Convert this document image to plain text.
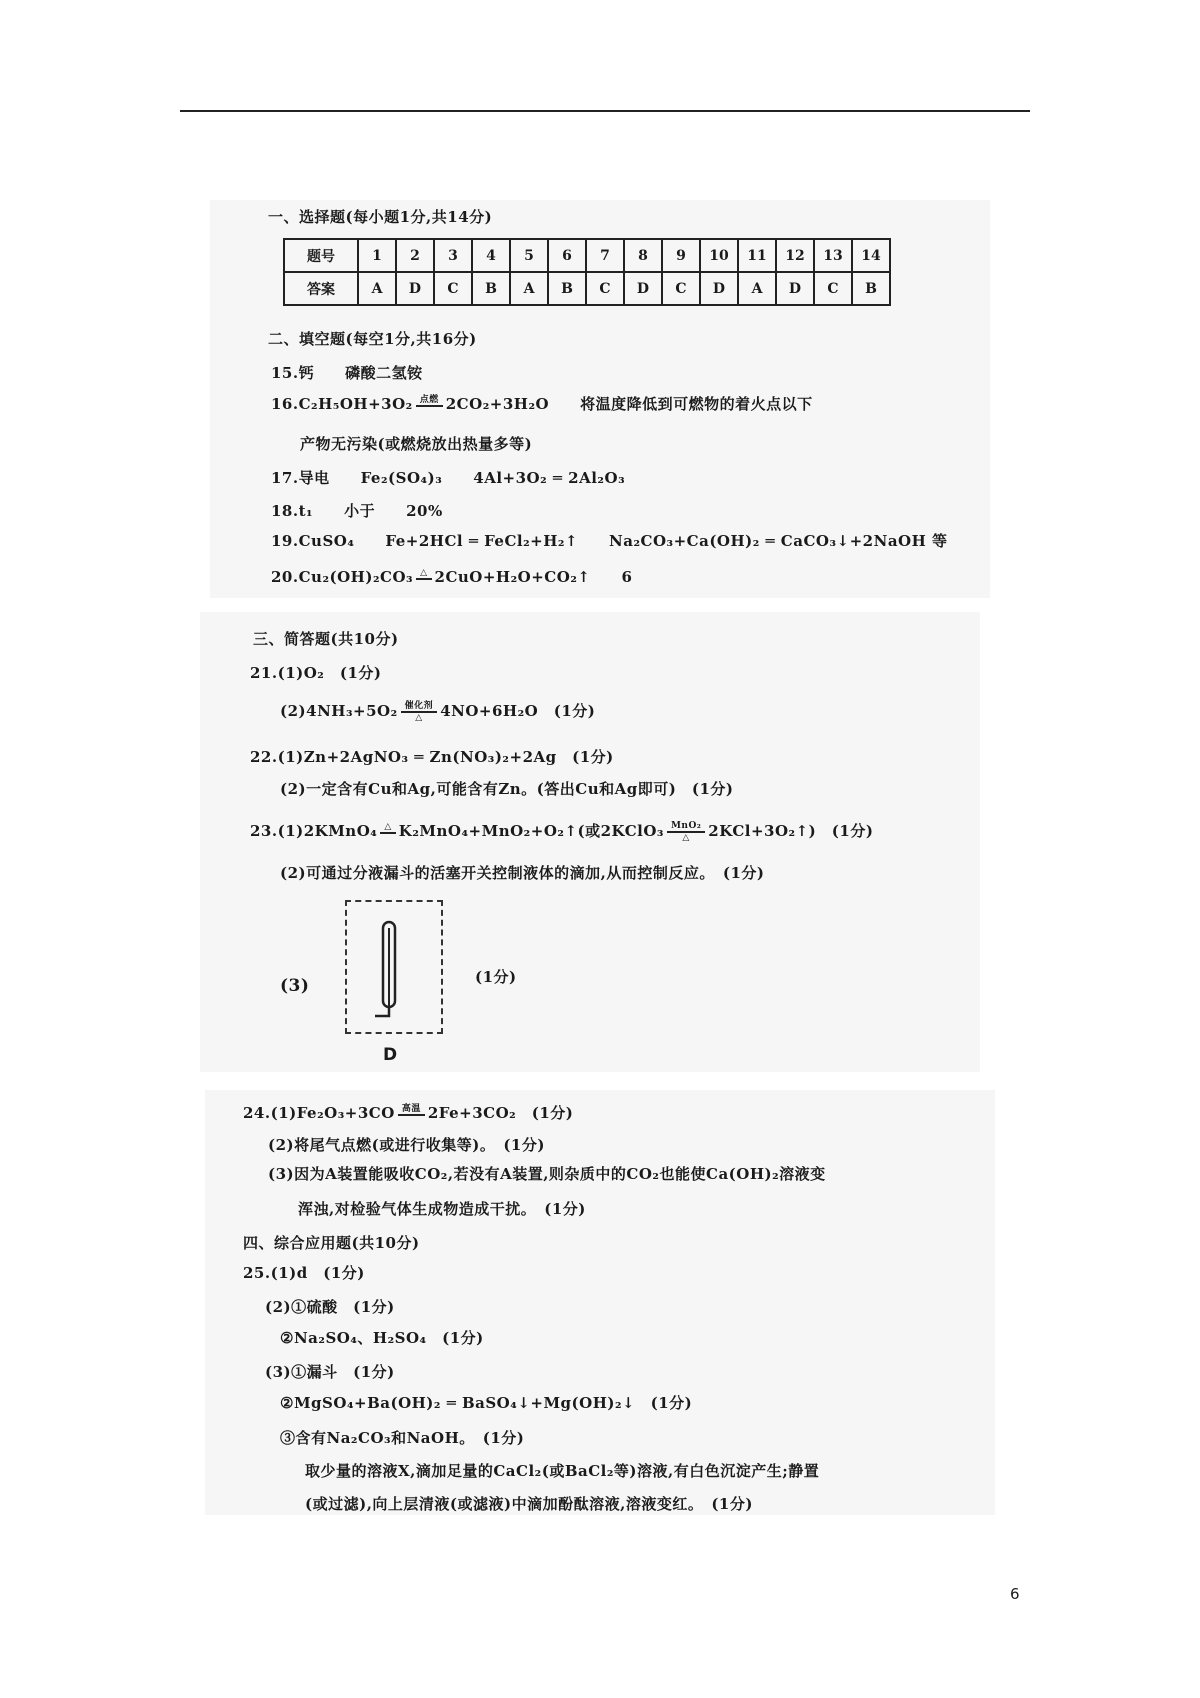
一、选择题(每小题1分,共14分)
题号	1	2	3	4	5	6	7	8	9	10	11	12	13	14
答案	A	D	C	B	A	B	C	D	C	D	A	D	C	B
二、填空题(每空1分,共16分)
15.钙　　磷酸二氢铵
16.C₂H₅OH+3O₂ 点燃 2CO₂+3H₂O　　将温度降低到可燃物的着火点以下
产物无污染(或燃烧放出热量多等)
17.导电　　Fe₂(SO₄)₃　　4Al+3O₂ ═ 2Al₂O₃
18.t₁　　小于　　20%
19.CuSO₄　　Fe+2HCl ═ FeCl₂+H₂↑　　Na₂CO₃+Ca(OH)₂ ═ CaCO₃↓+2NaOH 等
20.Cu₂(OH)₂CO₃ △ 2CuO+H₂O+CO₂↑　　6
三、简答题(共10分)
21.(1)O₂　(1分)
$(2)4NH_3+5O_2 \frac{\text{催化剂}}{\triangle} 4NO+6H_2O$　(1分)
22.(1)Zn+2AgNO₃ ═ Zn(NO₃)₂+2Ag　(1分)
(2)一定含有Cu和Ag,可能含有Zn。(答出Cu和Ag即可)　(1分)
23.(1)2KMnO₄ △ K₂MnO₄+MnO₂+O₂↑(或2KClO₃ $\frac{\text{MnO₂}}{\triangle}$ 2KCl+3O₂↑)　(1分)
(2)可通过分液漏斗的活塞开关控制液体的滴加,从而控制反应。　(1分)
(3)
D
(1分)
24.(1)Fe₂O₃+3CO 高温 2Fe+3CO₂　(1分)
(2)将尾气点燃(或进行收集等)。　(1分)
(3)因为A装置能吸收CO₂,若没有A装置,则杂质中的CO₂也能使Ca(OH)₂溶液变
浑浊,对检验气体生成物造成干扰。　(1分)
四、综合应用题(共10分)
25.(1)d　(1分)
(2)①硫酸　(1分)
②Na₂SO₄、H₂SO₄　(1分)
(3)①漏斗　(1分)
②MgSO₄+Ba(OH)₂ ═ BaSO₄↓+Mg(OH)₂↓　(1分)
③含有Na₂CO₃和NaOH。　(1分)
取少量的溶液X,滴加足量的CaCl₂(或BaCl₂等)溶液,有白色沉淀产生;静置
(或过滤),向上层清液(或滤液)中滴加酚酞溶液,溶液变红。　(1分)
6
